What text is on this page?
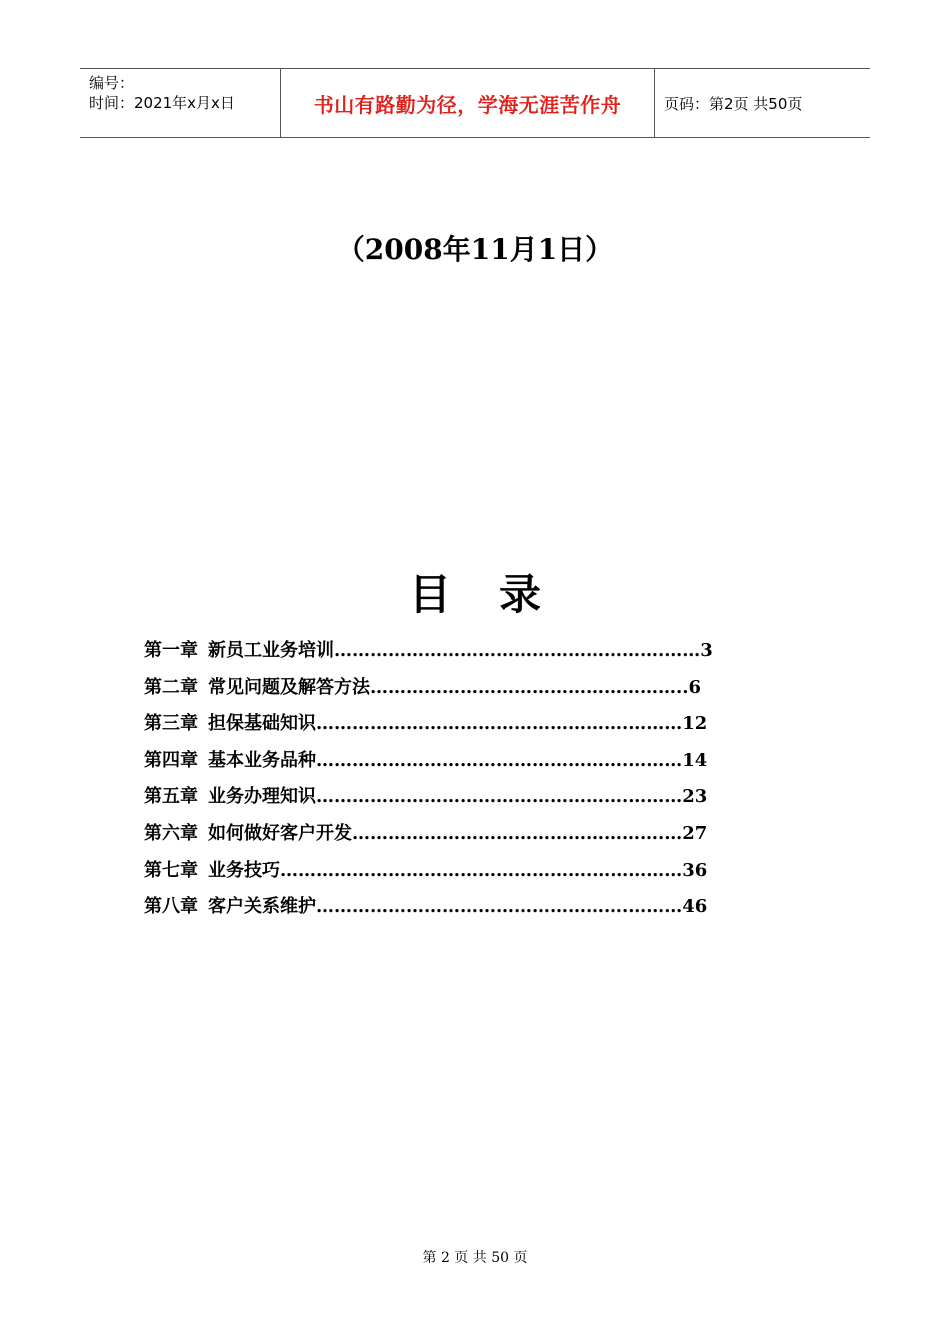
编号：
时间：2021年x月x日	书山有路勤为径，学海无涯苦作舟	页码：第2页 共50页
（2008年11月1日）
目录
第一章 新员工业务培训……………………………………………….……3
第二章 常见问题及解答方法……………………………………………..6
第三章 担保基础知识…………………………………………….………12
第四章 基本业务品种…………………………………………….………14
第五章 业务办理知识…………………………………………….………23
第六章 如何做好客户开发…………………………………………….…27
第七章 业务技巧…………………………………………….……………36
第八章 客户关系维护…………………………………………….………46
第 2 页 共 50 页
